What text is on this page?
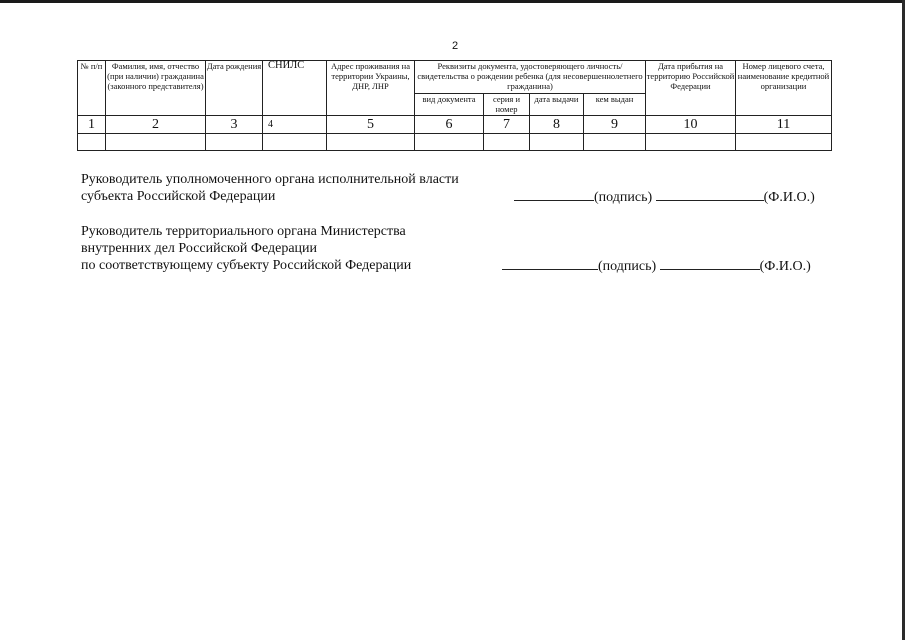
2
№ п/п	Фамилия, имя, отчество (при наличии) гражданина (законного представителя)	Дата рождения	СНИЛС	Адрес проживания на территории Украины, ДНР, ЛНР	Реквизиты документа, удостоверяющего личность/ свидетельства о рождении ребенка (для несовершеннолетнего гражданина)				Дата прибытия на территорию Российской Федерации	Номер лицевого счета, наименование кредитной организации
					вид документа	серия и номер	дата выдачи	кем выдан		
1	2	3	4	5	6	7	8	9	10	11

Руководитель уполномоченного органа исполнительной власти
субъекта Российской Федерации	(подпись)	(Ф.И.О.)
Руководитель территориального органа Министерства
внутренних дел Российской Федерации
по соответствующему субъекту Российской Федерации	(подпись)	(Ф.И.О.)
